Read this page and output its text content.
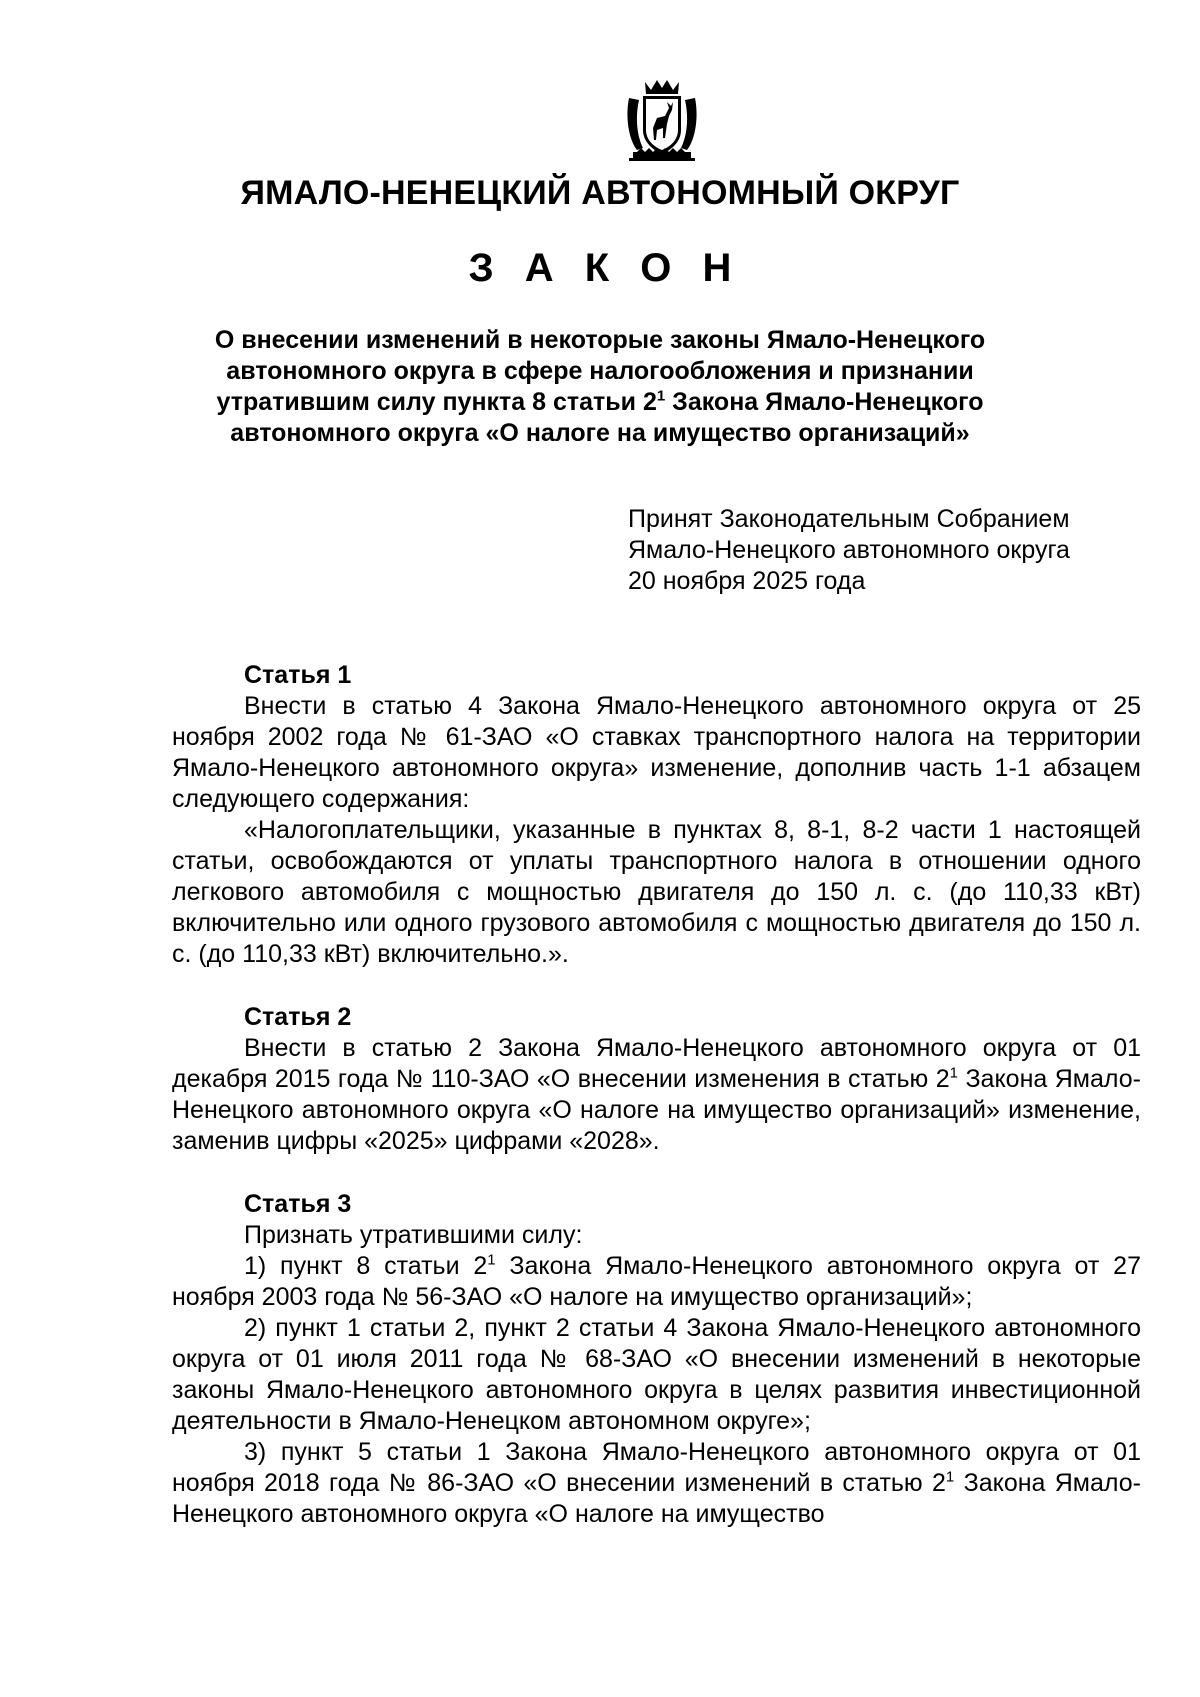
ЯМАЛО-НЕНЕЦКИЙ АВТОНОМНЫЙ ОКРУГ
З А К О Н
О внесении изменений в некоторые законы Ямало-Ненецкого
автономного округа в сфере налогообложения и признании
утратившим силу пункта 8 статьи $2^1$ Закона Ямало-Ненецкого
автономного округа «О налоге на имущество организаций»
Принят Законодательным Собранием
Ямало-Ненецкого автономного округа
20 ноября 2025 года
Статья 1
Внести в статью 4 Закона Ямало-Ненецкого автономного округа от 25 ноября 2002 года № 61-ЗАО «О ставках транспортного налога на территории Ямало-Ненецкого автономного округа» изменение, дополнив часть 1-1 абзацем следующего содержания:
«Налогоплательщики, указанные в пунктах 8, 8-1, 8-2 части 1 настоящей статьи, освобождаются от уплаты транспортного налога в отношении одного легкового автомобиля с мощностью двигателя до 150 л. с. (до 110,33 кВт) включительно или одного грузового автомобиля с мощностью двигателя до 150 л. с. (до 110,33 кВт) включительно.».
Статья 2
Внести в статью 2 Закона Ямало-Ненецкого автономного округа от 01 декабря 2015 года № 110-ЗАО «О внесении изменения в статью $2^1$ Закона Ямало-Ненецкого автономного округа «О налоге на имущество организаций» изменение, заменив цифры «2025» цифрами «2028».
Статья 3
Признать утратившими силу:
1) пункт 8 статьи $2^1$ Закона Ямало-Ненецкого автономного округа от 27 ноября 2003 года № 56-ЗАО «О налоге на имущество организаций»;
2) пункт 1 статьи 2, пункт 2 статьи 4 Закона Ямало-Ненецкого автономного округа от 01 июля 2011 года № 68-ЗАО «О внесении изменений в некоторые законы Ямало-Ненецкого автономного округа в целях развития инвестиционной деятельности в Ямало-Ненецком автономном округе»;
3) пункт 5 статьи 1 Закона Ямало-Ненецкого автономного округа от 01 ноября 2018 года № 86-ЗАО «О внесении изменений в статью $2^1$ Закона Ямало-Ненецкого автономного округа «О налоге на имущество
